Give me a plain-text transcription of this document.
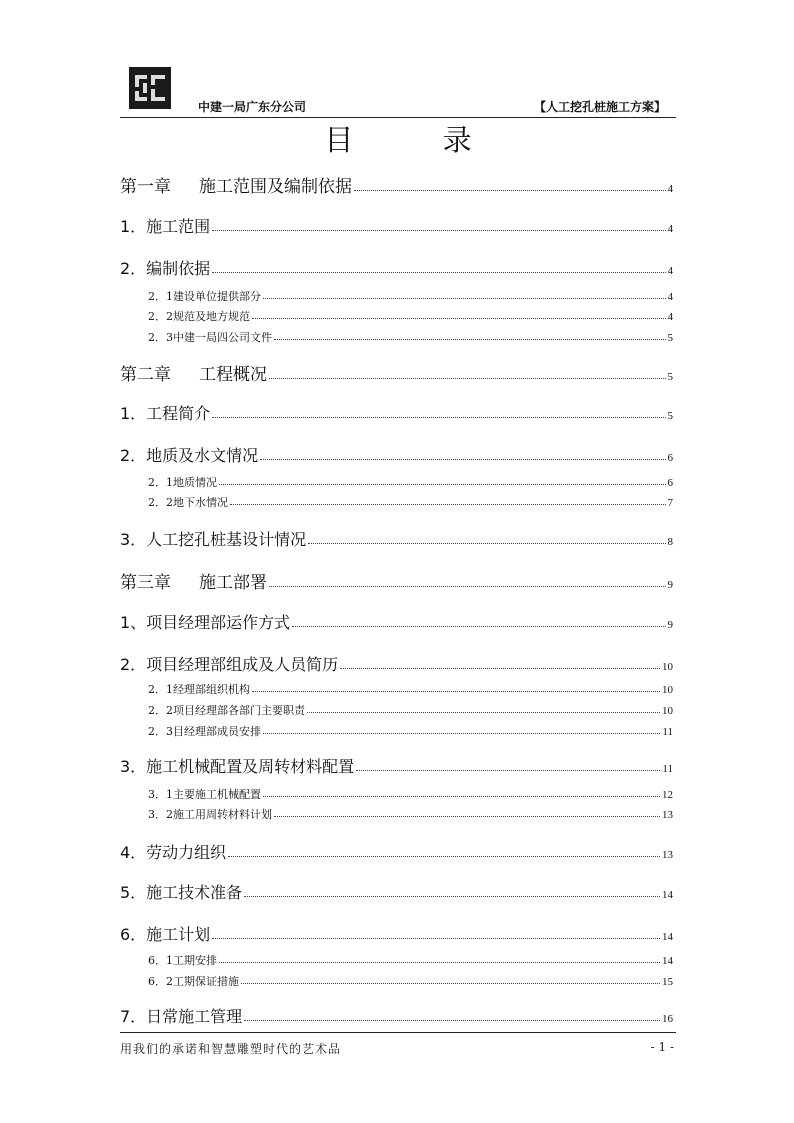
中建一局广东分公司	【人工挖孔桩施工方案】
目 录
第一章 施工范围及编制依据	4
1．施工范围	4
2．编制依据	4
2．1建设单位提供部分	4
2．2规范及地方规范	4
2．3中建一局四公司文件	5
第二章 工程概况	5
1．工程简介	5
2．地质及水文情况	6
2．1地质情况	6
2．2地下水情况	7
3．人工挖孔桩基设计情况	8
第三章 施工部署	9
1、项目经理部运作方式	9
2．项目经理部组成及人员简历	10
2．1经理部组织机构	10
2．2项目经理部各部门主要职责	10
2．3目经理部成员安排	11
3．施工机械配置及周转材料配置	11
3．1主要施工机械配置	12
3．2施工用周转材料计划	13
4．劳动力组织	13
5．施工技术准备	14
6．施工计划	14
6．1工期安排	14
6．2工期保证措施	15
7．日常施工管理	16
用我们的承诺和智慧雕塑时代的艺术品	- 1 -
